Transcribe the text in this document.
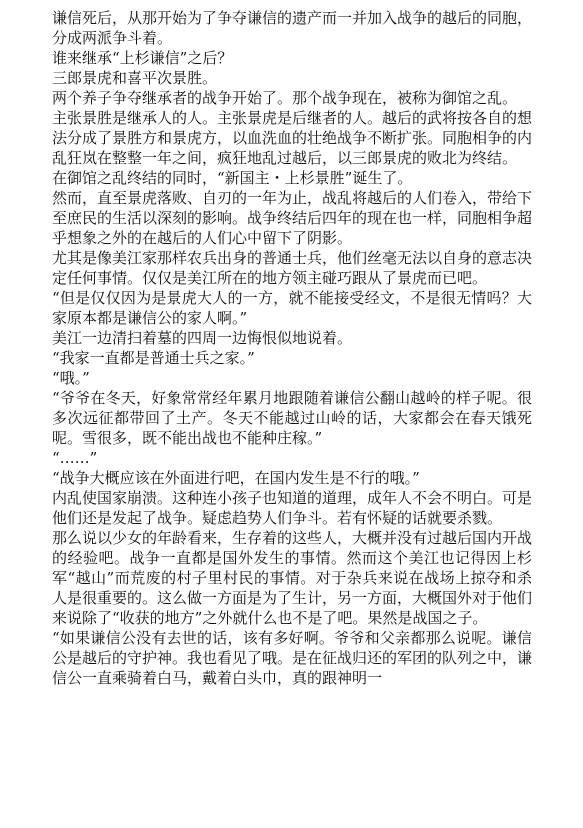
谦信死后，从那开始为了争夺谦信的遗产而一并加入战争的越后的同胞，分成两派争斗着。

谁来继承“上杉谦信”之后？

三郎景虎和喜平次景胜。

两个养子争夺继承者的战争开始了。那个战争现在，被称为御馆之乱。

主张景胜是继承人的人。主张景虎是后继者的人。越后的武将按各自的想法分成了景胜方和景虎方，以血洗血的壮绝战争不断扩张。同胞相争的内乱狂岚在整整一年之间，疯狂地乱过越后，以三郎景虎的败北为终结。

在御馆之乱终结的同时，“新国主・上杉景胜”诞生了。

然而，直至景虎落败、自刃的一年为止，战乱将越后的人们卷入，带给下至庶民的生活以深刻的影响。战争终结后四年的现在也一样，同胞相争超乎想象之外的在越后的人们心中留下了阴影。

尤其是像美江家那样农兵出身的普通士兵，他们丝毫无法以自身的意志决定任何事情。仅仅是美江所在的地方领主碰巧跟从了景虎而已吧。

“但是仅仅因为是景虎大人的一方，就不能接受经文，不是很无情吗？大家原本都是谦信公的家人啊。”

美江一边清扫着墓的四周一边悔恨似地说着。

“我家一直都是普通士兵之家。”

“哦。”

“爷爷在冬天，好象常常经年累月地跟随着谦信公翻山越岭的样子呢。很多次远征都带回了土产。冬天不能越过山岭的话，大家都会在春天饿死呢。雪很多，既不能出战也不能种庄稼。”

“……”

“战争大概应该在外面进行吧，在国内发生是不行的哦。”

内乱使国家崩溃。这种连小孩子也知道的道理，成年人不会不明白。可是他们还是发起了战争。疑虑趋势人们争斗。若有怀疑的话就要杀戮。

那么说以少女的年龄看来，生存着的这些人，大概并没有过越后国内开战的经验吧。战争一直都是国外发生的事情。然而这个美江也记得因上杉军“越山”而荒废的村子里村民的事情。对于杂兵来说在战场上掠夺和杀人是很重要的。这么做一方面是为了生计，另一方面，大概国外对于他们来说除了“收获的地方”之外就什么也不是了吧。果然是战国之子。

“如果谦信公没有去世的话，该有多好啊。爷爷和父亲都那么说呢。谦信公是越后的守护神。我也看见了哦。是在征战归还的军团的队列之中，谦信公一直乘骑着白马，戴着白头巾，真的跟神明一
